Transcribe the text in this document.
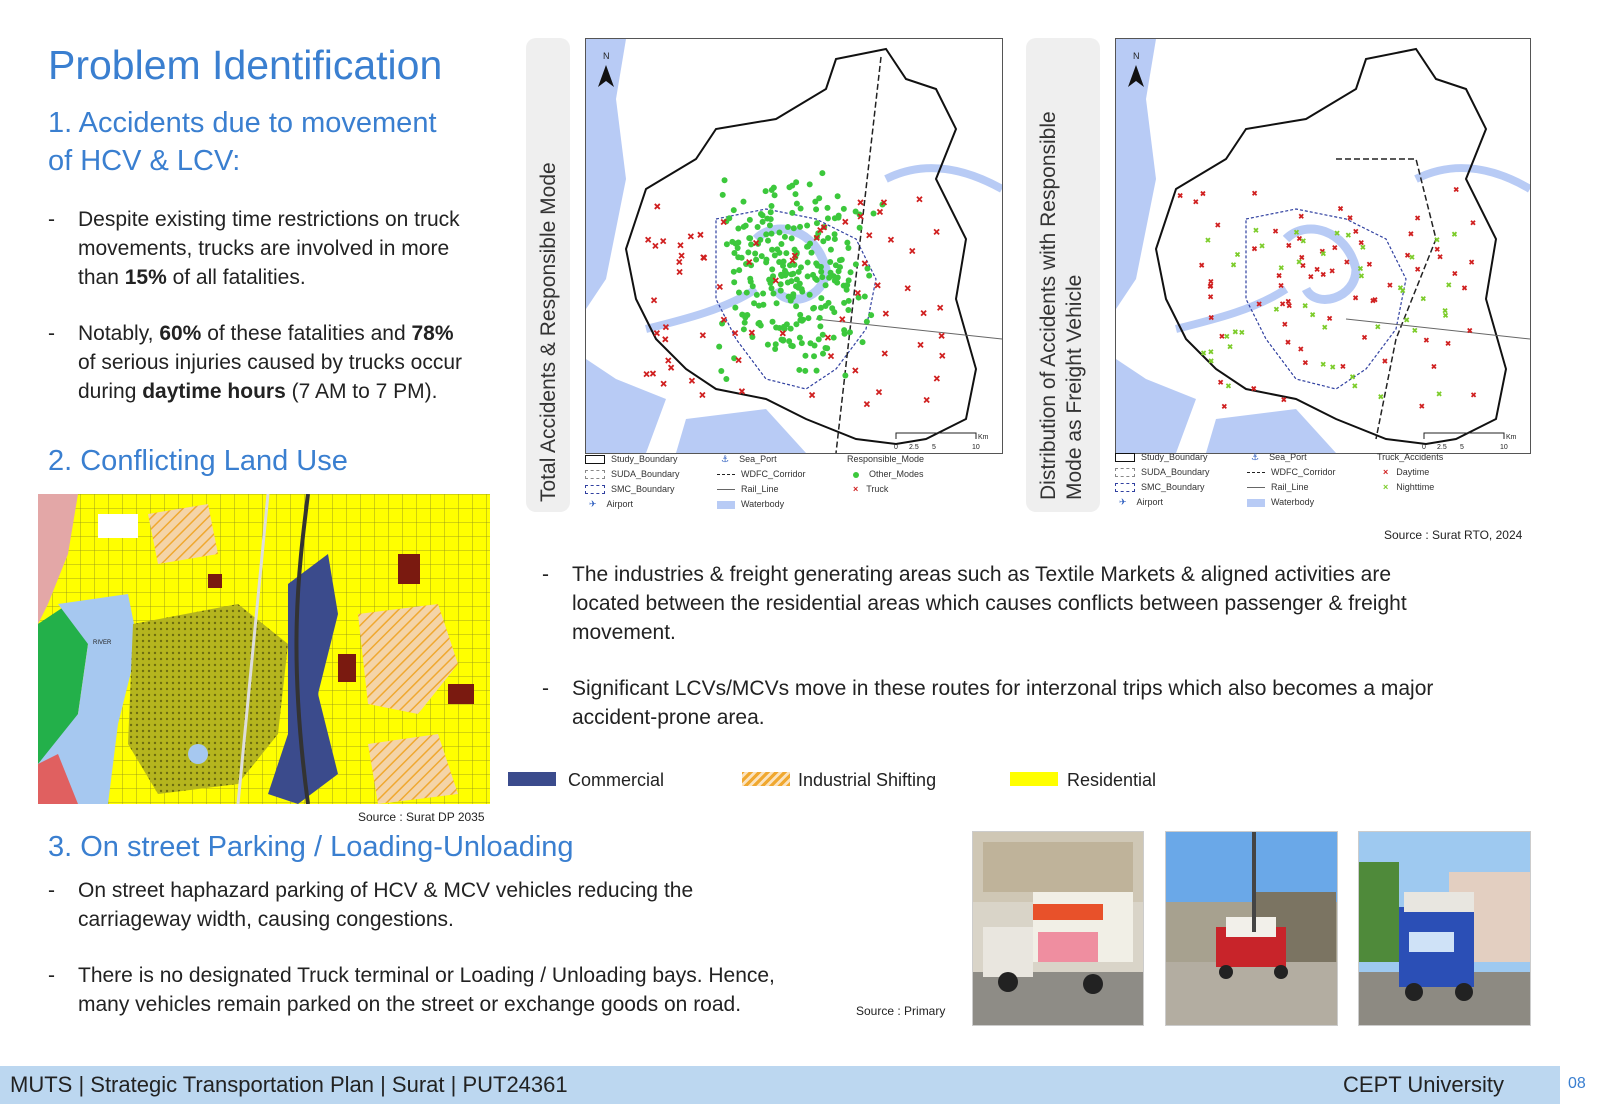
Problem Identification
1. Accidents due to movement
of HCV & LCV:
- Despite existing time restrictions on truck
movements, trucks are involved in more
than 15% of all fatalities.
- Notably, 60% of these fatalities and 78%
of serious injuries caused by trucks occur
during daytime hours (7 AM to 7 PM).
2. Conflicting Land Use
RIVER
Source : Surat DP 2035
Total Accidents & Responsible Mode
N
0 2.5 5	10
Km
Study_Boundary
SUDA_Boundary
SMC_Boundary
✈ Airport
⚓ Sea_Port
WDFC_Corridor
Rail_Line
Waterbody
Responsible_Mode
Other_Modes
× Truck	Distribution of Accidents with Responsible Mode as Freight Vehicle
N
0 2.5 5	10
Km
Study_Boundary
SUDA_Boundary
SMC_Boundary
✈ Airport
⚓ Sea_Port
WDFC_Corridor
Rail_Line
Waterbody
Truck_Accidents
× Daytime
× Nighttime
Source : Surat RTO, 2024
- The industries & freight generating areas such as Textile Markets & aligned activities are
located between the residential areas which causes conflicts between passenger & freight
movement.
- Significant LCVs/MCVs move in these routes for interzonal trips which also becomes a major
accident-prone area.
Commercial	Industrial Shifting	Residential
3. On street Parking / Loading-Unloading
- On street haphazard parking of HCV & MCV vehicles reducing the
carriageway width, causing congestions.
- There is no designated Truck terminal or Loading / Unloading bays. Hence,
many vehicles remain parked on the street or exchange goods on road.	Source : Primary
MUTS | Strategic Transportation Plan | Surat | PUT24361	CEPT University	08
